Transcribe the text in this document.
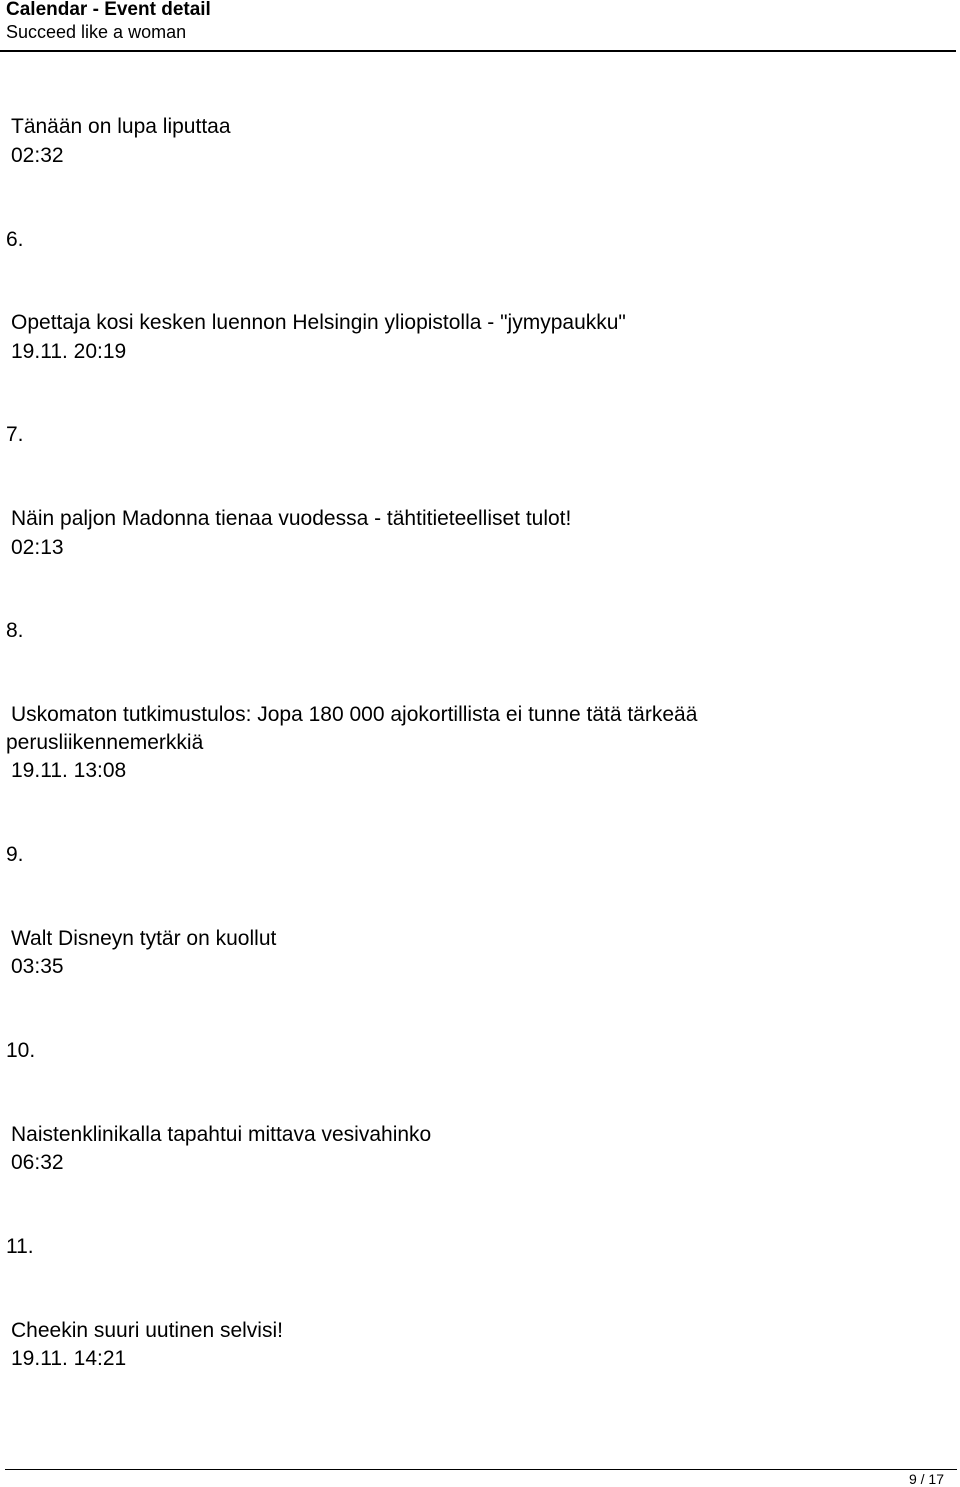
Calendar - Event detail
Succeed like a woman
Tänään on lupa liputtaa
02:32
6.
Opettaja kosi kesken luennon Helsingin yliopistolla - "jymypaukku"
19.11. 20:19
7.
Näin paljon Madonna tienaa vuodessa - tähtitieteelliset tulot!
02:13
8.
Uskomaton tutkimustulos: Jopa 180 000 ajokortillista ei tunne tätä tärkeää perusliikennemerkkiä
19.11. 13:08
9.
Walt Disneyn tytär on kuollut
03:35
10.
Naistenklinikalla tapahtui mittava vesivahinko
06:32
11.
Cheekin suuri uutinen selvisi!
19.11. 14:21
9 / 17
